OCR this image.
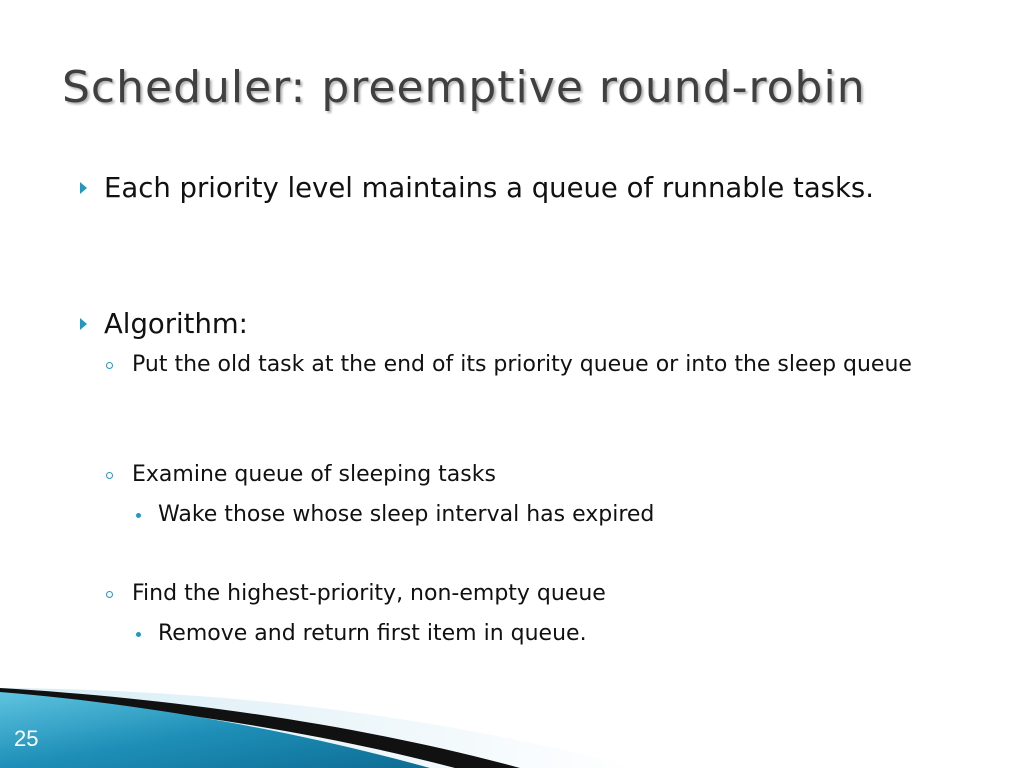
Scheduler: preemptive round-robin
Each priority level maintains a queue of runnable tasks.
Algorithm:
Put the old task at the end of its priority queue or into the sleep queue
Examine queue of sleeping tasks
Wake those whose sleep interval has expired
Find the highest-priority, non-empty queue
Remove and return first item in queue.
25
